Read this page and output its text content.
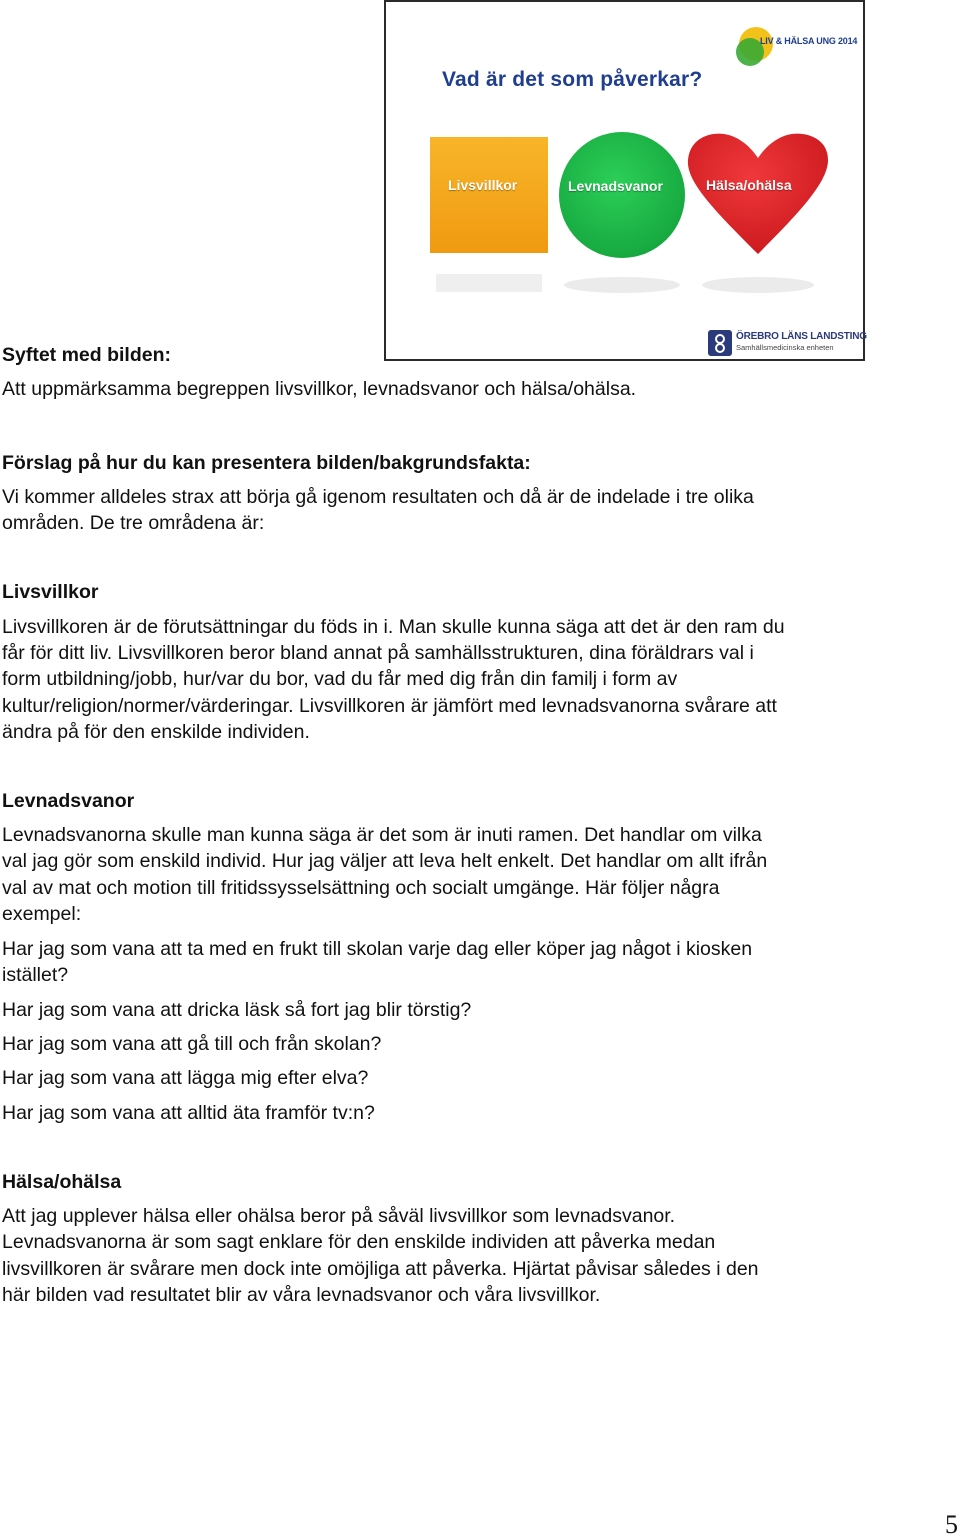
LIV & HÄLSA UNG 2014
Vad är det som påverkar?
Livsvillkor	Levnadsvanor	Hälsa/ohälsa
ÖREBRO LÄNS LANDSTING
Samhällsmedicinska enheten

Syftet med bilden:

Att uppmärksamma begreppen livsvillkor, levnadsvanor och hälsa/ohälsa.

Förslag på hur du kan presentera bilden/bakgrundsfakta:

Vi kommer alldeles strax att börja gå igenom resultaten och då är de indelade i tre olika

områden. De tre områdena är:

Livsvillkor

Livsvillkoren är de förutsättningar du föds in i. Man skulle kunna säga att det är den ram du

får för ditt liv. Livsvillkoren beror bland annat på samhällsstrukturen, dina föräldrars val i

form utbildning/jobb, hur/var du bor, vad du får med dig från din familj i form av

kultur/religion/normer/värderingar. Livsvillkoren är jämfört med levnadsvanorna svårare att

ändra på för den enskilde individen.

Levnadsvanor

Levnadsvanorna skulle man kunna säga är det som är inuti ramen. Det handlar om vilka

val jag gör som enskild individ. Hur jag väljer att leva helt enkelt. Det handlar om allt ifrån

val av mat och motion till fritidssysselsättning och socialt umgänge. Här följer några

exempel:

Har jag som vana att ta med en frukt till skolan varje dag eller köper jag något i kiosken

istället?

Har jag som vana att dricka läsk så fort jag blir törstig?

Har jag som vana att gå till och från skolan?

Har jag som vana att lägga mig efter elva?

Har jag som vana att alltid äta framför tv:n?

Hälsa/ohälsa

Att jag upplever hälsa eller ohälsa beror på såväl livsvillkor som levnadsvanor.

Levnadsvanorna är som sagt enklare för den enskilde individen att påverka medan

livsvillkoren är svårare men dock inte omöjliga att påverka. Hjärtat påvisar således i den

här bilden vad resultatet blir av våra levnadsvanor och våra livsvillkor.

5
